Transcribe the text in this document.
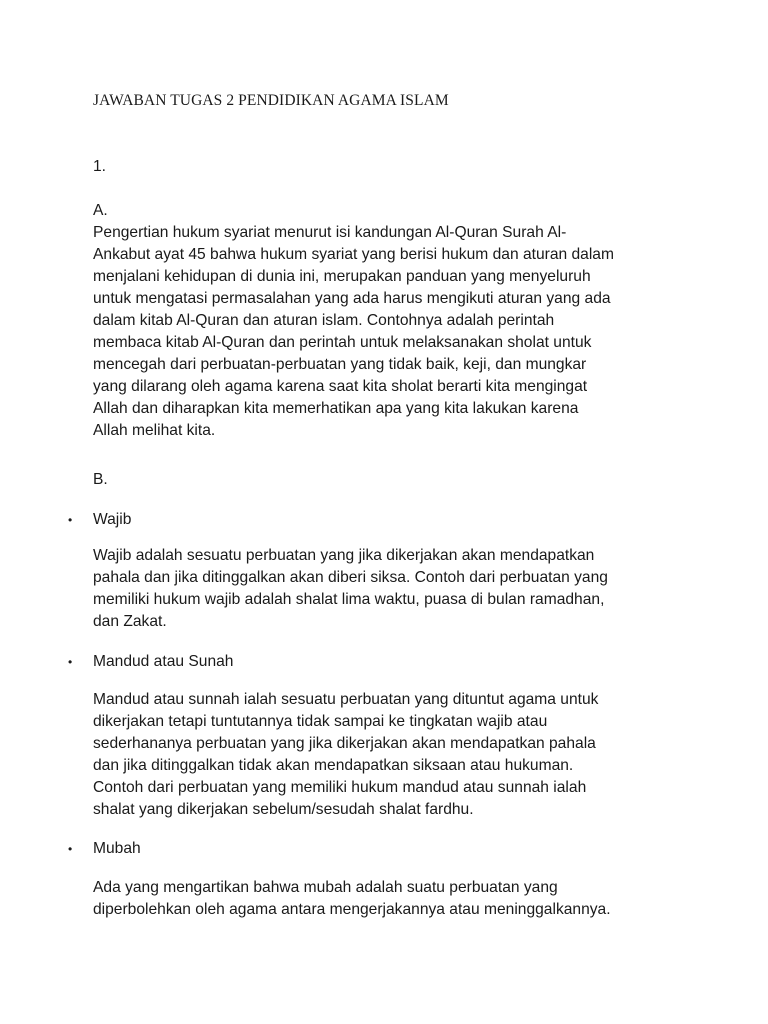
JAWABAN TUGAS 2 PENDIDIKAN AGAMA ISLAM
1.
A.
Pengertian hukum syariat menurut isi kandungan Al-Quran Surah Al-
Ankabut ayat 45 bahwa hukum syariat yang berisi hukum dan aturan dalam
menjalani kehidupan di dunia ini, merupakan panduan yang menyeluruh
untuk mengatasi permasalahan yang ada harus mengikuti aturan yang ada
dalam kitab Al-Quran dan aturan islam. Contohnya adalah perintah
membaca kitab Al-Quran dan perintah untuk melaksanakan sholat untuk
mencegah dari perbuatan-perbuatan yang tidak baik, keji, dan mungkar
yang dilarang oleh agama karena saat kita sholat berarti kita mengingat
Allah dan diharapkan kita memerhatikan apa yang kita lakukan karena
Allah melihat kita.
B.
•	Wajib
Wajib adalah sesuatu perbuatan yang jika dikerjakan akan mendapatkan
pahala dan jika ditinggalkan akan diberi siksa. Contoh dari perbuatan yang
memiliki hukum wajib adalah shalat lima waktu, puasa di bulan ramadhan,
dan Zakat.
•	Mandud atau Sunah
Mandud atau sunnah ialah sesuatu perbuatan yang dituntut agama untuk
dikerjakan tetapi tuntutannya tidak sampai ke tingkatan wajib atau
sederhananya perbuatan yang jika dikerjakan akan mendapatkan pahala
dan jika ditinggalkan tidak akan mendapatkan siksaan atau hukuman.
Contoh dari perbuatan yang memiliki hukum mandud atau sunnah ialah
shalat yang dikerjakan sebelum/sesudah shalat fardhu.
•	Mubah
Ada yang mengartikan bahwa mubah adalah suatu perbuatan yang
diperbolehkan oleh agama antara mengerjakannya atau meninggalkannya.
